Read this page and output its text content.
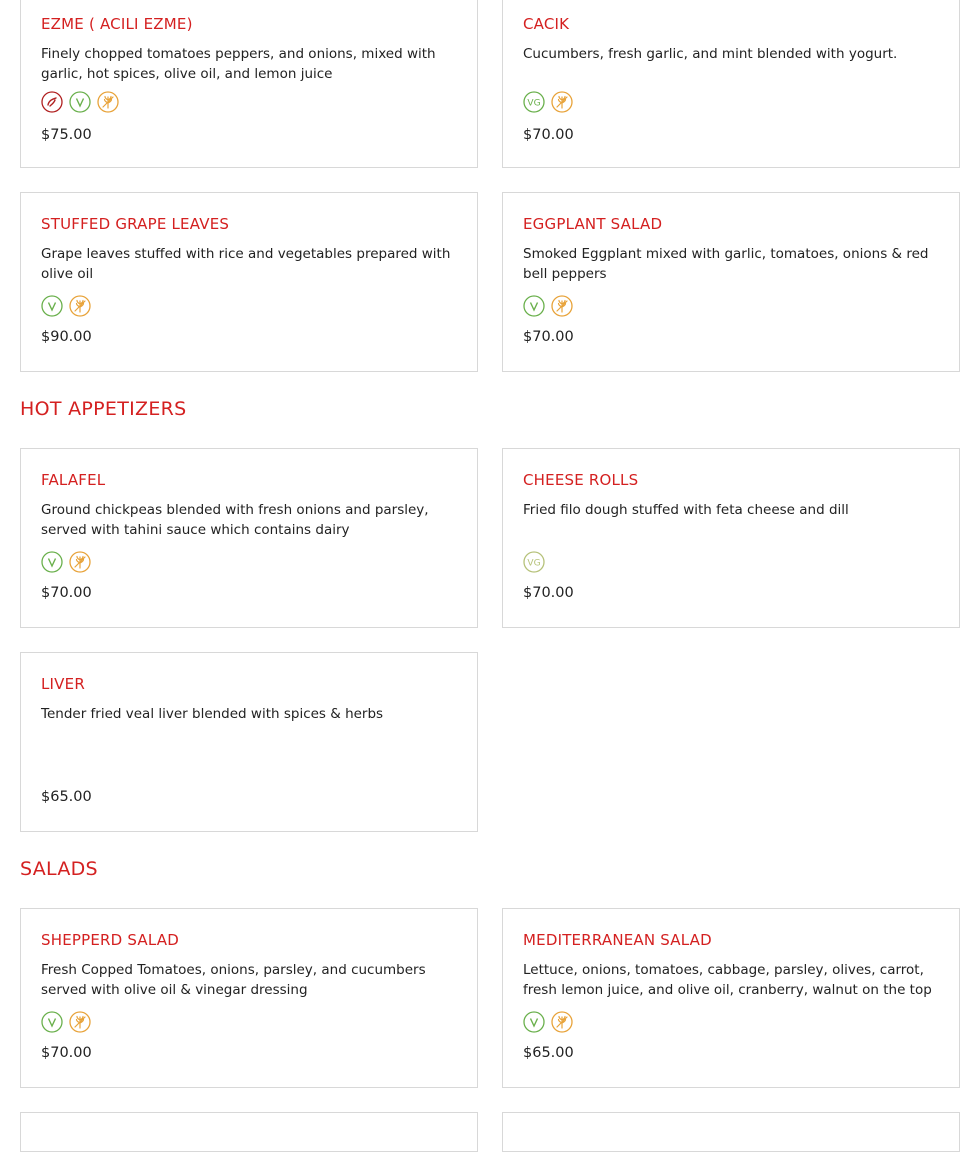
EZME ( ACILI EZME)
Finely chopped tomatoes peppers, and onions, mixed with garlic, hot spices, olive oil, and lemon juice
$75.00
CACIK
Cucumbers, fresh garlic, and mint blended with yogurt.
VG
$70.00
STUFFED GRAPE LEAVES
Grape leaves stuffed with rice and vegetables prepared with olive oil
$90.00
EGGPLANT SALAD
Smoked Eggplant mixed with garlic, tomatoes, onions & red bell peppers
$70.00
HOT APPETIZERS
FALAFEL
Ground chickpeas blended with fresh onions and parsley, served with tahini sauce which contains dairy
$70.00
CHEESE ROLLS
Fried filo dough stuffed with feta cheese and dill
VG
$70.00
LIVER
Tender fried veal liver blended with spices & herbs
$65.00
SALADS
SHEPPERD SALAD
Fresh Copped Tomatoes, onions, parsley, and cucumbers served with olive oil & vinegar dressing
$70.00
MEDITERRANEAN SALAD
Lettuce, onions, tomatoes, cabbage, parsley, olives, carrot, fresh lemon juice, and olive oil, cranberry, walnut on the top
$65.00
